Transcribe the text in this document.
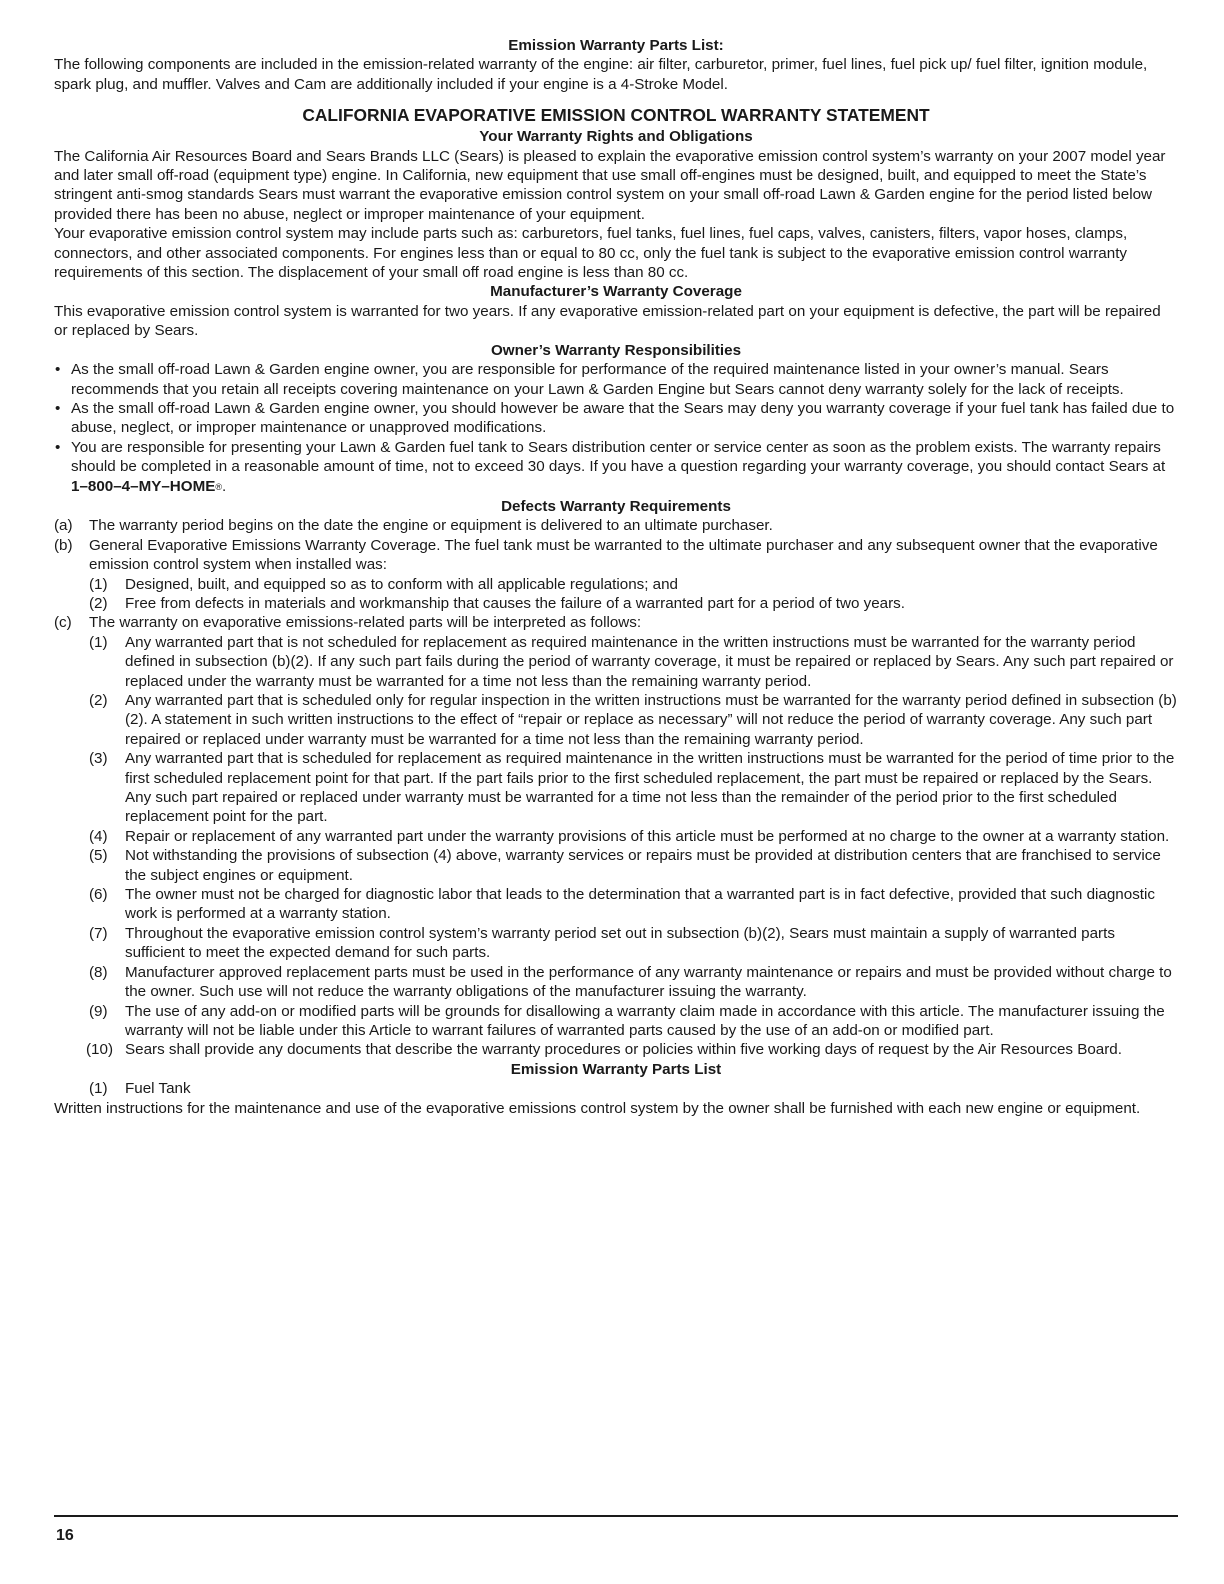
Emission Warranty Parts List:

The following components are included in the emission-related warranty of the engine: air filter, carburetor, primer, fuel lines, fuel pick up/ fuel filter, ignition module, spark plug, and muffler. Valves and Cam are additionally included if your engine is a 4-Stroke Model.

CALIFORNIA EVAPORATIVE EMISSION CONTROL WARRANTY STATEMENT

Your Warranty Rights and Obligations

The California Air Resources Board and Sears Brands LLC (Sears) is pleased to explain the evaporative emission control system’s warranty on your 2007 model year and later small off-road (equipment type) engine. In California, new equipment that use small off-engines must be designed, built, and equipped to meet the State’s stringent anti-smog standards Sears must warrant the evaporative emission control system on your small off-road Lawn & Garden engine for the period listed below provided there has been no abuse, neglect or improper maintenance of your equipment.

Your evaporative emission control system may include parts such as: carburetors, fuel tanks, fuel lines, fuel caps, valves, canisters, filters, vapor hoses, clamps, connectors, and other associated components. For engines less than or equal to 80 cc, only the fuel tank is subject to the evaporative emission control warranty requirements of this section. The displacement of your small off road engine is less than 80 cc.

Manufacturer’s Warranty Coverage

This evaporative emission control system is warranted for two years. If any evaporative emission-related part on your equipment is defective, the part will be repaired or replaced by Sears.

Owner’s Warranty Responsibilities

• As the small off-road Lawn & Garden engine owner, you are responsible for performance of the required maintenance listed in your owner’s manual. Sears recommends that you retain all receipts covering maintenance on your Lawn & Garden Engine but Sears cannot deny warranty solely for the lack of receipts.
• As the small off-road Lawn & Garden engine owner, you should however be aware that the Sears may deny you warranty coverage if your fuel tank has failed due to abuse, neglect, or improper maintenance or unapproved modifications.
• You are responsible for presenting your Lawn & Garden fuel tank to Sears distribution center or service center as soon as the problem exists. The warranty repairs should be completed in a reasonable amount of time, not to exceed 30 days. If you have a question regarding your warranty coverage, you should contact Sears at 1–800–4–MY–HOME®.

Defects Warranty Requirements

(a) The warranty period begins on the date the engine or equipment is delivered to an ultimate purchaser.
(b) General Evaporative Emissions Warranty Coverage. The fuel tank must be warranted to the ultimate purchaser and any subsequent owner that the evaporative emission control system when installed was:
(1) Designed, built, and equipped so as to conform with all applicable regulations; and
(2) Free from defects in materials and workmanship that causes the failure of a warranted part for a period of two years.
(c) The warranty on evaporative emissions-related parts will be interpreted as follows:
(1) Any warranted part that is not scheduled for replacement as required maintenance in the written instructions must be warranted for the warranty period defined in subsection (b)(2). If any such part fails during the period of warranty coverage, it must be repaired or replaced by Sears. Any such part repaired or replaced under the warranty must be warranted for a time not less than the remaining warranty period.
(2) Any warranted part that is scheduled only for regular inspection in the written instructions must be warranted for the warranty period defined in subsection (b)(2). A statement in such written instructions to the effect of “repair or replace as necessary” will not reduce the period of warranty coverage. Any such part repaired or replaced under warranty must be warranted for a time not less than the remaining warranty period.
(3) Any warranted part that is scheduled for replacement as required maintenance in the written instructions must be warranted for the period of time prior to the first scheduled replacement point for that part. If the part fails prior to the first scheduled replacement, the part must be repaired or replaced by the Sears. Any such part repaired or replaced under warranty must be warranted for a time not less than the remainder of the period prior to the first scheduled replacement point for the part.
(4) Repair or replacement of any warranted part under the warranty provisions of this article must be performed at no charge to the owner at a warranty station.
(5) Not withstanding the provisions of subsection (4) above, warranty services or repairs must be provided at distribution centers that are franchised to service the subject engines or equipment.
(6) The owner must not be charged for diagnostic labor that leads to the determination that a warranted part is in fact defective, provided that such diagnostic work is performed at a warranty station.
(7) Throughout the evaporative emission control system’s warranty period set out in subsection (b)(2), Sears must maintain a supply of warranted parts sufficient to meet the expected demand for such parts.
(8) Manufacturer approved replacement parts must be used in the performance of any warranty maintenance or repairs and must be provided without charge to the owner. Such use will not reduce the warranty obligations of the manufacturer issuing the warranty.
(9) The use of any add-on or modified parts will be grounds for disallowing a warranty claim made in accordance with this article. The manufacturer issuing the warranty will not be liable under this Article to warrant failures of warranted parts caused by the use of an add-on or modified part.
(10) Sears shall provide any documents that describe the warranty procedures or policies within five working days of request by the Air Resources Board.

Emission Warranty Parts List

(1) Fuel Tank

Written instructions for the maintenance and use of the evaporative emissions control system by the owner shall be furnished with each new engine or equipment.

16
